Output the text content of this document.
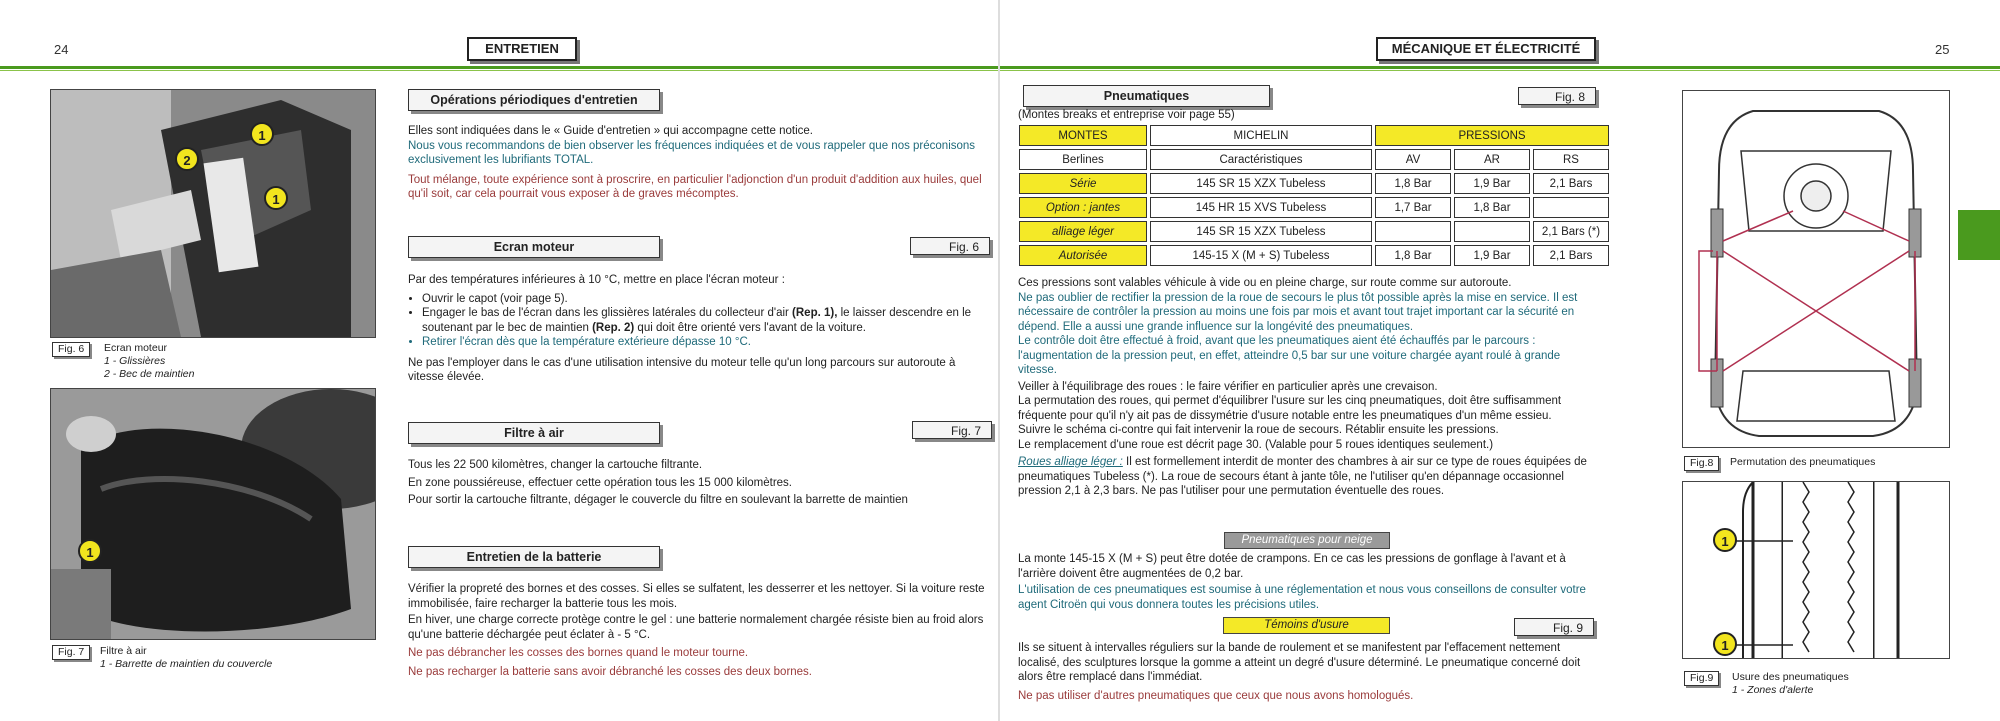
24	ENTRETIEN	MÉCANIQUE ET ÉLECTRICITÉ	25
1
2
1
Fig. 6	Ecran moteur
1 - Glissières
2 - Bec de maintien
1
Fig. 7	Filtre à air
1 - Barrette de maintien du couvercle
Opérations périodiques d'entretien
Elles sont indiquées dans le « Guide d'entretien » qui accompagne cette notice.
Nous vous recommandons de bien observer les fréquences indiquées et de vous rappeler que nos préconisons exclusivement les lubrifiants TOTAL.
Tout mélange, toute expérience sont à proscrire, en particulier l'adjonction d'un produit d'addition aux huiles, quel qu'il soit, car cela pourrait vous exposer à de graves mécomptes.
Ecran moteur	Fig. 6
Par des températures inférieures à 10 °C, mettre en place l'écran moteur :
• Ouvrir le capot (voir page 5).
• Engager le bas de l'écran dans les glissières latérales du collecteur d'air (Rep. 1), le laisser descendre en le soutenant par le bec de maintien (Rep. 2) qui doit être orienté vers l'avant de la voiture.
• Retirer l'écran dès que la température extérieure dépasse 10 °C.
Ne pas l'employer dans le cas d'une utilisation intensive du moteur telle qu'un long parcours sur autoroute à vitesse élevée.
Filtre à air	Fig. 7
Tous les 22 500 kilomètres, changer la cartouche filtrante.
En zone poussiéreuse, effectuer cette opération tous les 15 000 kilomètres.
Pour sortir la cartouche filtrante, dégager le couvercle du filtre en soulevant la barrette de maintien
Entretien de la batterie
Vérifier la propreté des bornes et des cosses. Si elles se sulfatent, les desserrer et les nettoyer. Si la voiture reste immobilisée, faire recharger la batterie tous les mois.
En hiver, une charge correcte protège contre le gel : une batterie normalement chargée résiste bien au froid alors qu'une batterie déchargée peut éclater à - 5 °C.
Ne pas débrancher les cosses des bornes quand le moteur tourne.
Ne pas recharger la batterie sans avoir débranché les cosses des deux bornes.
Pneumatiques	Fig. 8
(Montes breaks et entreprise voir page 55)
MONTES	MICHELIN	PRESSIONS		
Berlines	Caractéristiques	AV	AR	RS
Série	145 SR 15 XZX Tubeless	1,8 Bar	1,9 Bar	2,1 Bars
Option : jantes	145 HR 15 XVS Tubeless	1,7 Bar	1,8 Bar	
alliage léger	145 SR 15 XZX Tubeless			2,1 Bars (*)
Autorisée	145-15 X (M + S) Tubeless	1,8 Bar	1,9 Bar	2,1 Bars
Ces pressions sont valables véhicule à vide ou en pleine charge, sur route comme sur autoroute.
Ne pas oublier de rectifier la pression de la roue de secours le plus tôt possible après la mise en service. Il est nécessaire de contrôler la pression au moins une fois par mois et avant tout trajet important car la sécurité en dépend. Elle a aussi une grande influence sur la longévité des pneumatiques.
Le contrôle doit être effectué à froid, avant que les pneumatiques aient été échauffés par le parcours : l'augmentation de la pression peut, en effet, atteindre 0,5 bar sur une voiture chargée ayant roulé à grande vitesse.
Veiller à l'équilibrage des roues : le faire vérifier en particulier après une crevaison.
La permutation des roues, qui permet d'équilibrer l'usure sur les cinq pneumatiques, doit être suffisamment fréquente pour qu'il n'y ait pas de dissymétrie d'usure notable entre les pneumatiques d'un même essieu.
Suivre le schéma ci-contre qui fait intervenir la roue de secours. Rétablir ensuite les pressions.
Le remplacement d'une roue est décrit page 30. (Valable pour 5 roues identiques seulement.)
Roues alliage léger : Il est formellement interdit de monter des chambres à air sur ce type de roues équipées de pneumatiques Tubeless (*). La roue de secours étant à jante tôle, ne l'utiliser qu'en dépannage occasionnel pression 2,1 à 2,3 bars. Ne pas l'utiliser pour une permutation éventuelle des roues.
Pneumatiques pour neige
La monte 145-15 X (M + S) peut être dotée de crampons. En ce cas les pressions de gonflage à l'avant et à l'arrière doivent être augmentées de 0,2 bar.
L'utilisation de ces pneumatiques est soumise à une réglementation et nous vous conseillons de consulter votre agent Citroën qui vous donnera toutes les précisions utiles.
Témoins d'usure	Fig. 9
Ils se situent à intervalles réguliers sur la bande de roulement et se manifestent par l'effacement nettement localisé, des sculptures lorsque la gomme a atteint un degré d'usure déterminé. Le pneumatique concerné doit alors être remplacé dans l'immédiat.
Ne pas utiliser d'autres pneumatiques que ceux que nous avons homologués.
Fig.8	Permutation des pneumatiques
1
1
Fig.9	Usure des pneumatiques
1 - Zones d'alerte
